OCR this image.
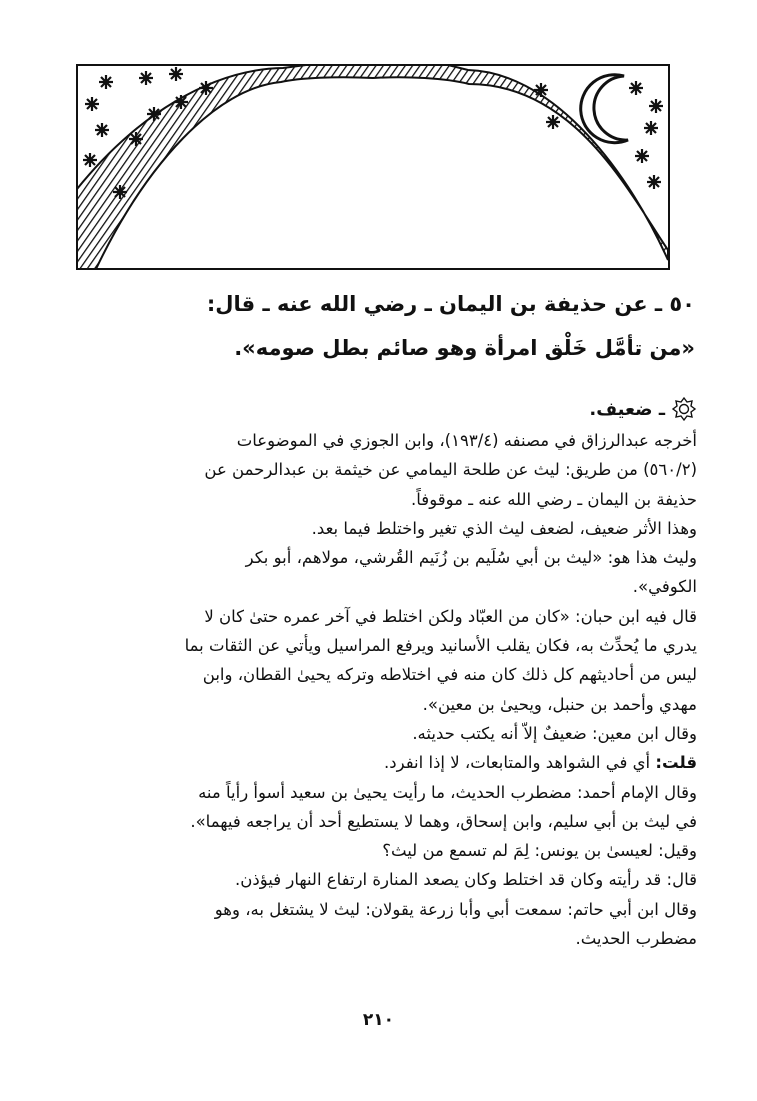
٥٠ ـ عن حذيفة بن اليمان ـ رضي الله عنه ـ قال:
«من تأمَّل خَلْق امرأة وهو صائم بطل صومه».
ـ ضعيف.
أخرجه عبدالرزاق في مصنفه (١٩٣/٤)، وابن الجوزي في الموضوعات
(٥٦٠/٢) من طريق: ليث عن طلحة اليمامي عن خيثمة بن عبدالرحمن عن
حذيفة بن اليمان ـ رضي الله عنه ـ موقوفاً.
وهذا الأثر ضعيف، لضعف ليث الذي تغير واختلط فيما بعد.
وليث هذا هو: «ليث بن أبي سُلَيم بن زُنَيم القُرشي، مولاهم، أبو بكر
الكوفي».
قال فيه ابن حبان: «كان من العبّاد ولكن اختلط في آخر عمره حتىٰ كان لا
يدري ما يُحدِّث به، فكان يقلب الأسانيد ويرفع المراسيل ويأتي عن الثقات بما
ليس من أحاديثهم كل ذلك كان منه في اختلاطه وتركه يحيىٰ القطان، وابن
مهدي وأحمد بن حنبل، ويحيىٰ بن معين».
وقال ابن معين: ضعيفٌ إلاّ أنه يكتب حديثه.
قلت: أي في الشواهد والمتابعات، لا إذا انفرد.
وقال الإمام أحمد: مضطرب الحديث، ما رأيت يحيىٰ بن سعيد أسوأ رأياً منه
في ليث بن أبي سليم، وابن إسحاق، وهما لا يستطيع أحد أن يراجعه فيهما».
وقيل: لعيسىٰ بن يونس: لِمَ لم تسمع من ليث؟
قال: قد رأيته وكان قد اختلط وكان يصعد المنارة ارتفاع النهار فيؤذن.
وقال ابن أبي حاتم: سمعت أبي وأبا زرعة يقولان: ليث لا يشتغل به، وهو
مضطرب الحديث.
٢١٠
